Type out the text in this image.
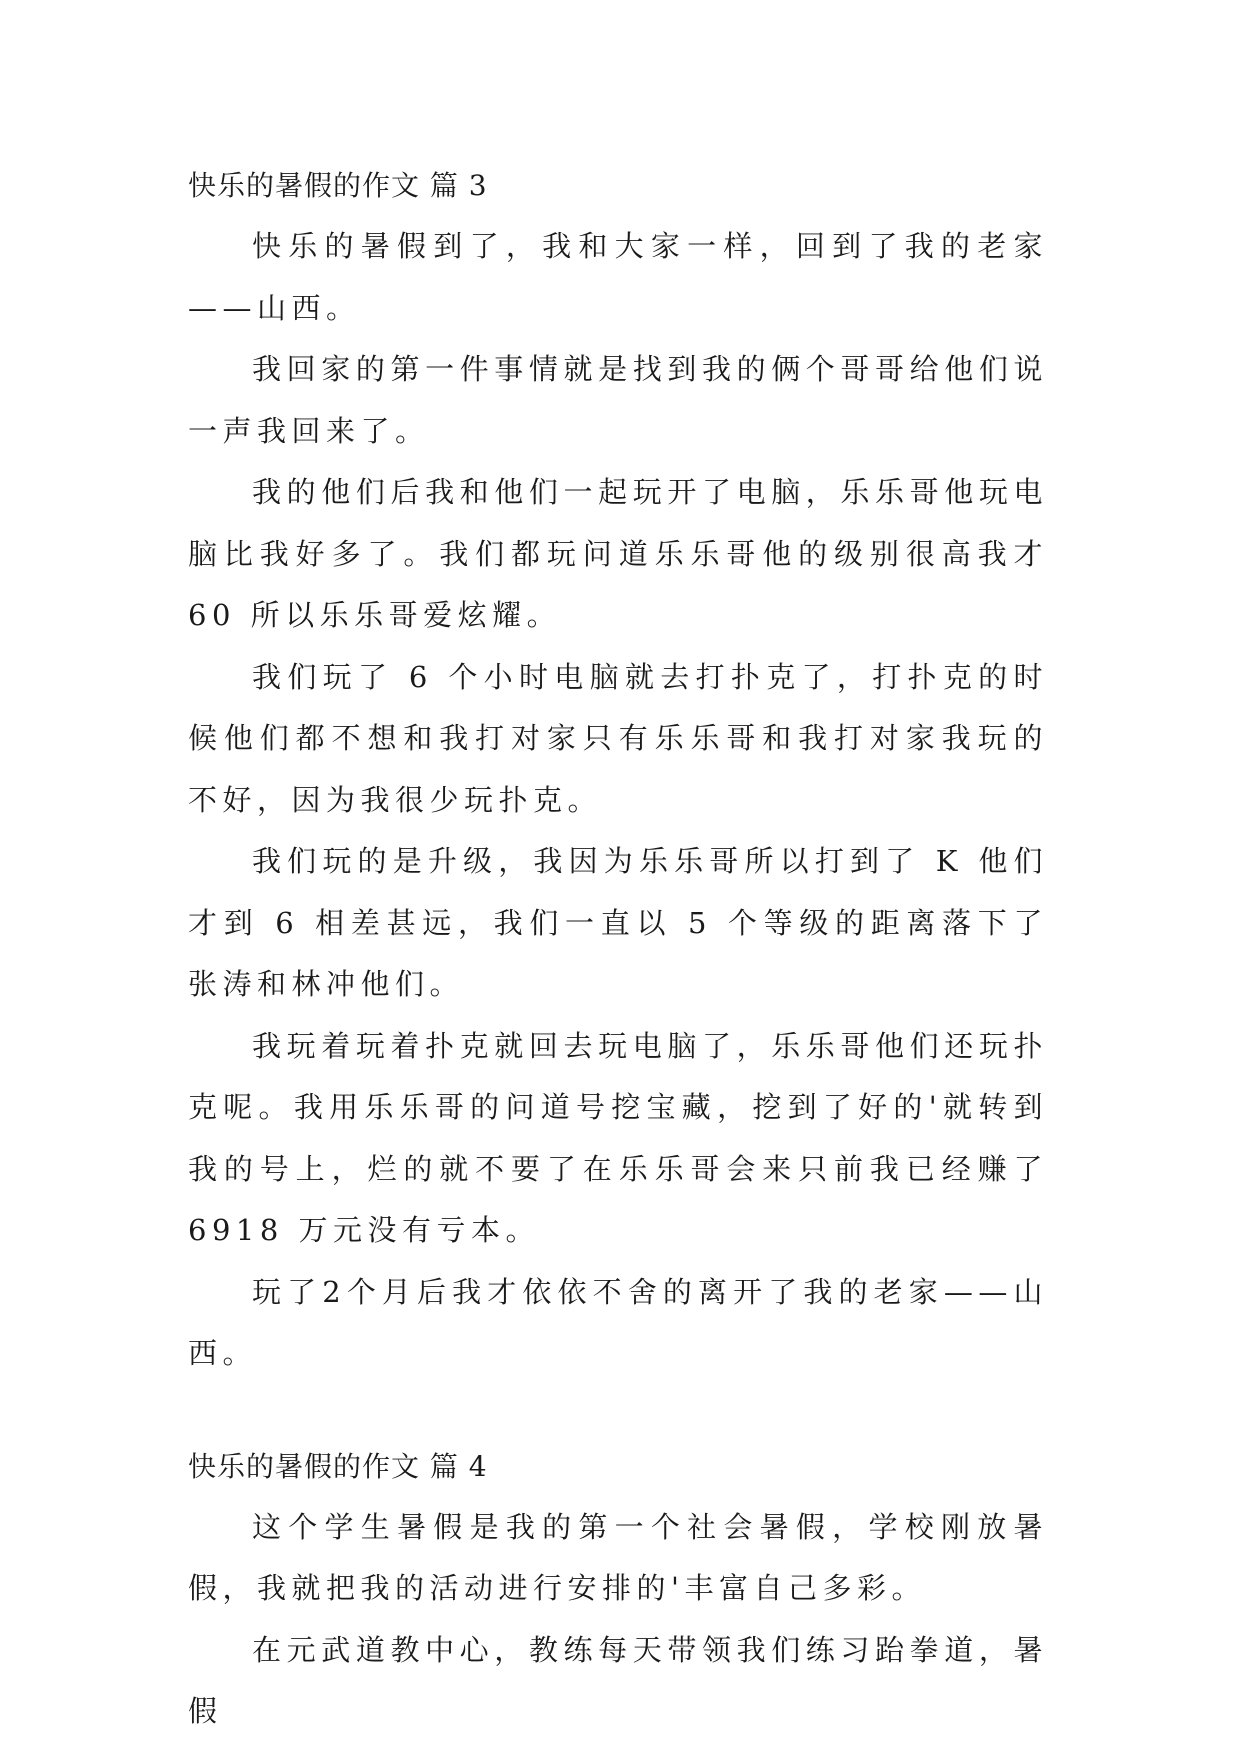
快乐的暑假的作文 篇 3

快乐的暑假到了，我和大家一样，回到了我的老家——山西。

我回家的第一件事情就是找到我的俩个哥哥给他们说一声我回来了。

我的他们后我和他们一起玩开了电脑，乐乐哥他玩电脑比我好多了。我们都玩问道乐乐哥他的级别很高我才 60 所以乐乐哥爱炫耀。

我们玩了 6 个小时电脑就去打扑克了，打扑克的时候他们都不想和我打对家只有乐乐哥和我打对家我玩的不好，因为我很少玩扑克。

我们玩的是升级，我因为乐乐哥所以打到了 K 他们才到 6 相差甚远，我们一直以 5 个等级的距离落下了张涛和林冲他们。

我玩着玩着扑克就回去玩电脑了，乐乐哥他们还玩扑克呢。我用乐乐哥的问道号挖宝藏，挖到了好的'就转到我的号上，烂的就不要了在乐乐哥会来只前我已经赚了 6918 万元没有亏本。

玩了2个月后我才依依不舍的离开了我的老家——山西。

快乐的暑假的作文 篇 4

这个学生暑假是我的第一个社会暑假，学校刚放暑假，我就把我的活动进行安排的'丰富自己多彩。

在元武道教中心，教练每天带领我们练习跆拳道，暑假
